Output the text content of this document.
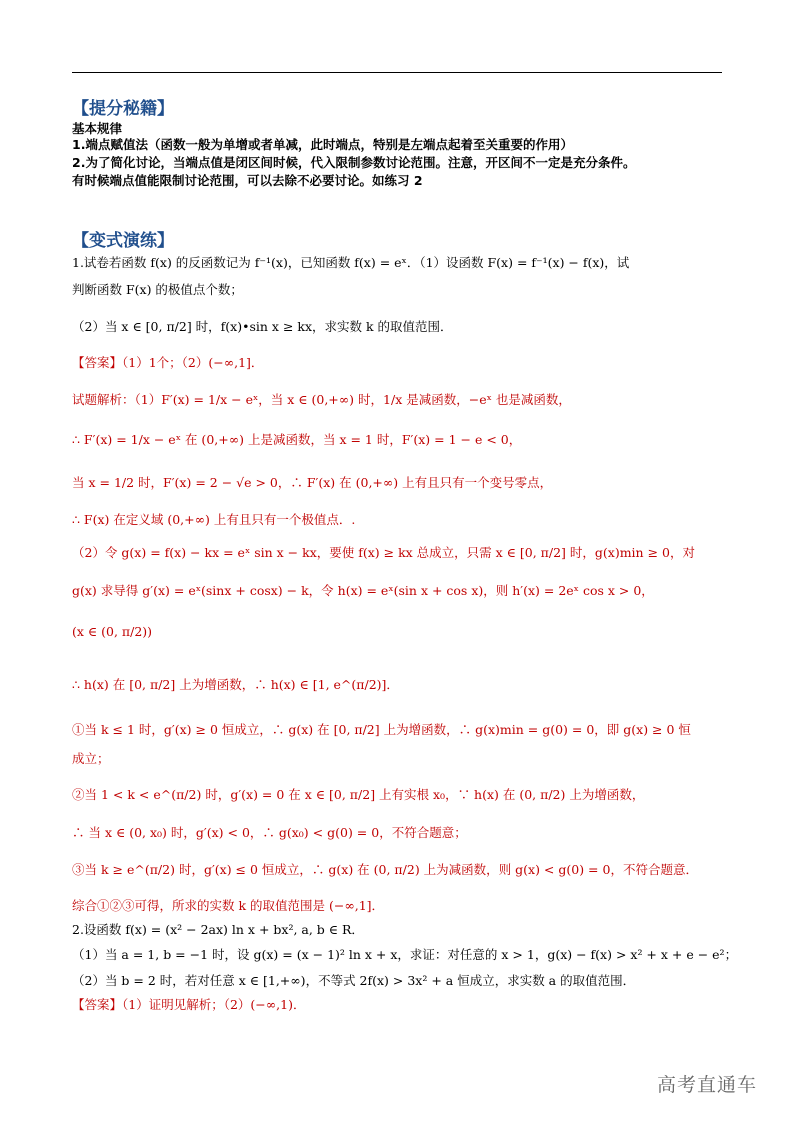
【提分秘籍】
基本规律
1.端点赋值法（函数一般为单增或者单减，此时端点，特别是左端点起着至关重要的作用）
2.为了简化讨论，当端点值是闭区间时候，代入限制参数讨论范围。注意，开区间不一定是充分条件。
有时候端点值能限制讨论范围，可以去除不必要讨论。如练习 2
【变式演练】
1.试卷若函数 f(x) 的反函数记为 f⁻¹(x)，已知函数 f(x) = eˣ．（1）设函数 F(x) = f⁻¹(x) − f(x)，试
判断函数 F(x) 的极值点个数；
（2）当 x ∈ [0, π/2] 时，f(x)•sin x ≥ kx，求实数 k 的取值范围．
【答案】（1）1个；（2）(−∞,1]．
试题解析：（1）F′(x) = 1/x − eˣ，当 x ∈ (0,+∞) 时，1/x 是减函数，−eˣ 也是减函数，
∴ F′(x) = 1/x − eˣ 在 (0,+∞) 上是减函数，当 x = 1 时，F′(x) = 1 − e < 0，
当 x = 1/2 时，F′(x) = 2 − √e > 0，∴ F′(x) 在 (0,+∞) 上有且只有一个变号零点，
∴ F(x) 在定义域 (0,+∞) 上有且只有一个极值点．.
（2）令 g(x) = f(x) − kx = eˣ sin x − kx，要使 f(x) ≥ kx 总成立，只需 x ∈ [0, π/2] 时，g(x)min ≥ 0，对
g(x) 求导得 g′(x) = eˣ(sinx + cosx) − k，令 h(x) = eˣ(sin x + cos x)，则 h′(x) = 2eˣ cos x > 0，
(x ∈ (0, π/2))
∴ h(x) 在 [0, π/2] 上为增函数，∴ h(x) ∈ [1, e^(π/2)]．
①当 k ≤ 1 时，g′(x) ≥ 0 恒成立，∴ g(x) 在 [0, π/2] 上为增函数，∴ g(x)min = g(0) = 0，即 g(x) ≥ 0 恒
成立；
②当 1 < k < e^(π/2) 时，g′(x) = 0 在 x ∈ [0, π/2] 上有实根 x₀，∵ h(x) 在 (0, π/2) 上为增函数，
∴ 当 x ∈ (0, x₀) 时，g′(x) < 0，∴ g(x₀) < g(0) = 0，不符合题意；
③当 k ≥ e^(π/2) 时，g′(x) ≤ 0 恒成立，∴ g(x) 在 (0, π/2) 上为减函数，则 g(x) < g(0) = 0，不符合题意．
综合①②③可得，所求的实数 k 的取值范围是 (−∞,1]．
2.设函数 f(x) = (x² − 2ax) ln x + bx², a, b ∈ R．
（1）当 a = 1, b = −1 时，设 g(x) = (x − 1)² ln x + x，求证：对任意的 x > 1，g(x) − f(x) > x² + x + e − e²；
（2）当 b = 2 时，若对任意 x ∈ [1,+∞)，不等式 2f(x) > 3x² + a 恒成立，求实数 a 的取值范围．
【答案】（1）证明见解析；（2）(−∞,1)．
高考直通车
